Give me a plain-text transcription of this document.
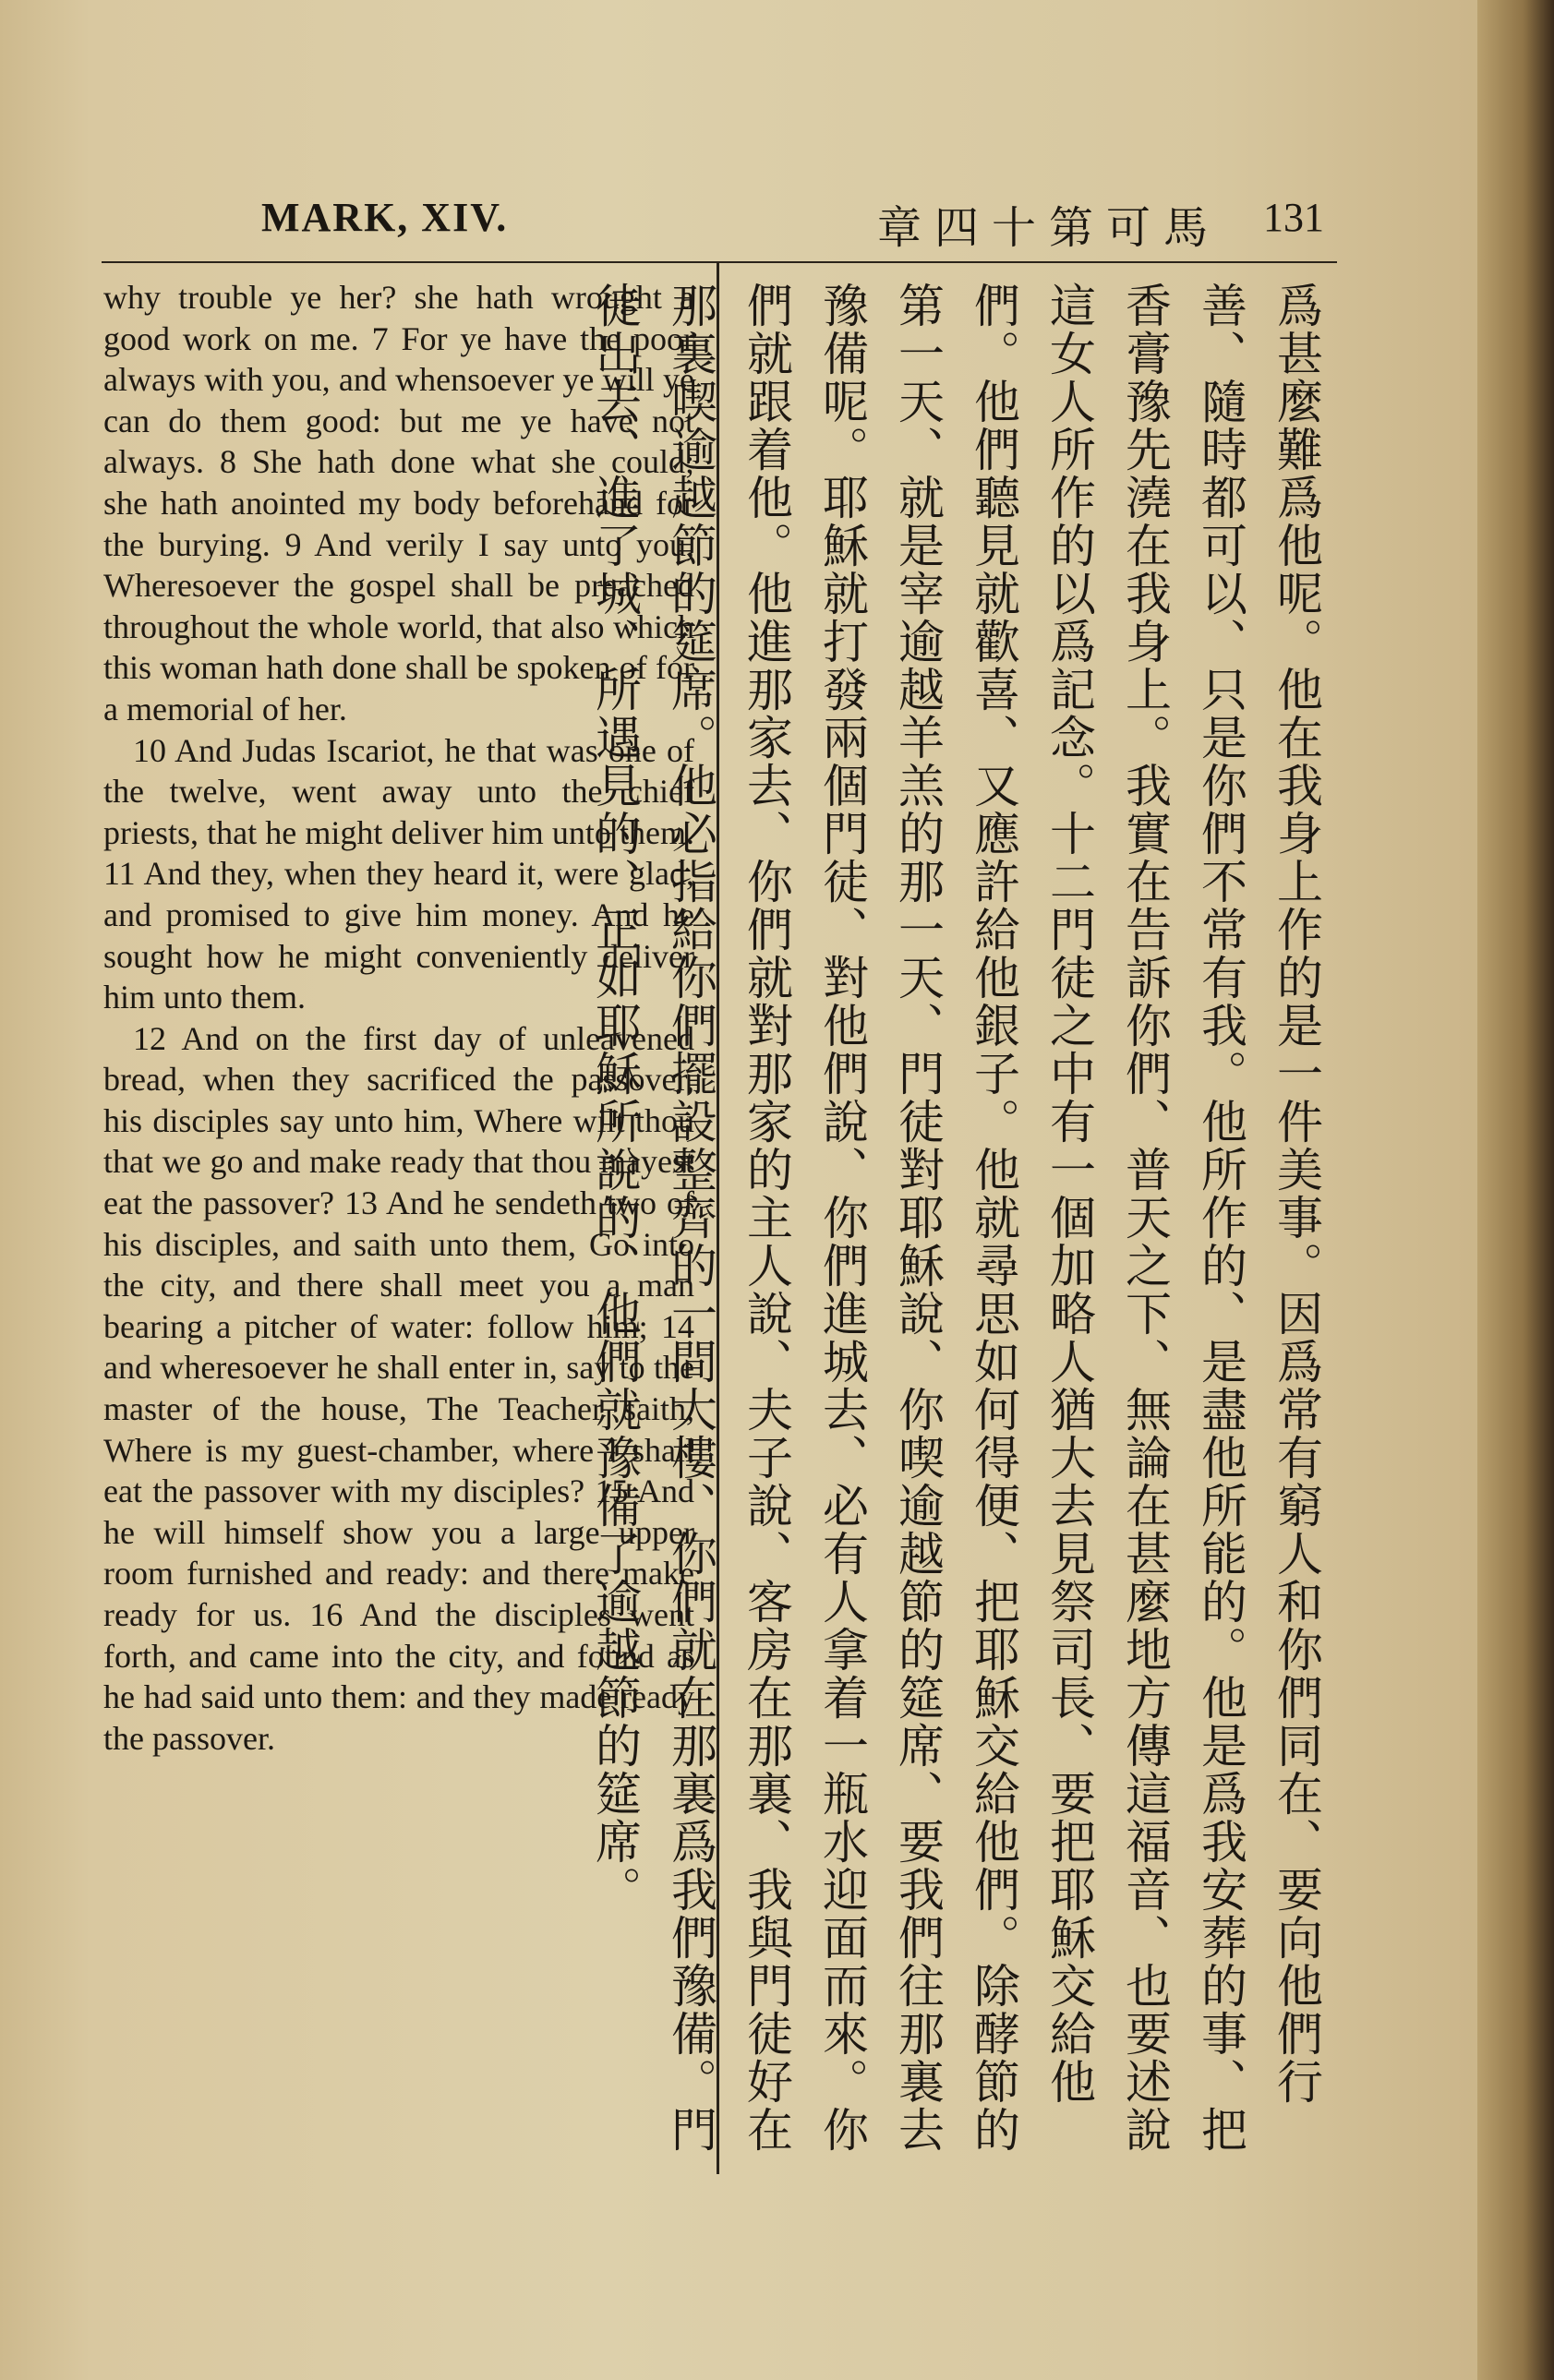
MARK, XIV.	章四十第可馬 131

why trouble ye her? she hath wrought a good work on me. 7 For ye have the poor always with you, and whensoever ye will ye can do them good: but me ye have not always. 8 She hath done what she could; she hath anointed my body beforehand for the burying. 9 And verily I say unto you, Wheresoever the gospel shall be preached throughout the whole world, that also which this woman hath done shall be spoken of for a memorial of her.

10 And Judas Iscariot, he that was one of the twelve, went away unto the chief priests, that he might deliver him unto them. 11 And they, when they heard it, were glad, and promised to give him money. And he sought how he might conveniently deliver him unto them.

12 And on the first day of unleavened bread, when they sacrificed the passover, his disciples say unto him, Where wilt thou that we go and make ready that thou mayest eat the passover? 13 And he sendeth two of his disciples, and saith unto them, Go into the city, and there shall meet you a man bearing a pitcher of water: follow him; 14 and wheresoever he shall enter in, say to the master of the house, The Teacher saith, Where is my guest-chamber, where I shall eat the passover with my disciples? 15 And he will himself show you a large upper room furnished and ready: and there make ready for us. 16 And the disciples went forth, and came into the city, and found as he had said unto them: and they made ready the passover.	爲甚麼難爲他呢。他在我身上作的是一件美事。因爲常有窮人和你們同在、要向他們行善、隨時都可以、只是你們不常有我。他所作的、是盡他所能的。他是爲我安葬的事、把香膏豫先澆在我身上。我實在告訴你們、普天之下、無論在甚麼地方傳這福音、也要述說這女人所作的以爲記念。十二門徒之中有一個加略人猶大去見祭司長、要把耶穌交給他們。他們聽見就歡喜、又應許給他銀子。他就尋思如何得便、把耶穌交給他們。除酵節的第一天、就是宰逾越羊羔的那一天、門徒對耶穌說、你喫逾越節的筵席、要我們往那裏去豫備呢。耶穌就打發兩個門徒、對他們說、你們進城去、必有人拿着一瓶水迎面而來。你們就跟着他。他進那家去、你們就對那家的主人說、夫子說、客房在那裏、我與門徒好在那裏喫逾越節的筵席。他必指給你們擺設整齊的一間大樓、你們就在那裏爲我們豫備。門徒出去、進了城、所遇見的、正如耶穌所說的、他們就豫備了逾越節的筵席。
